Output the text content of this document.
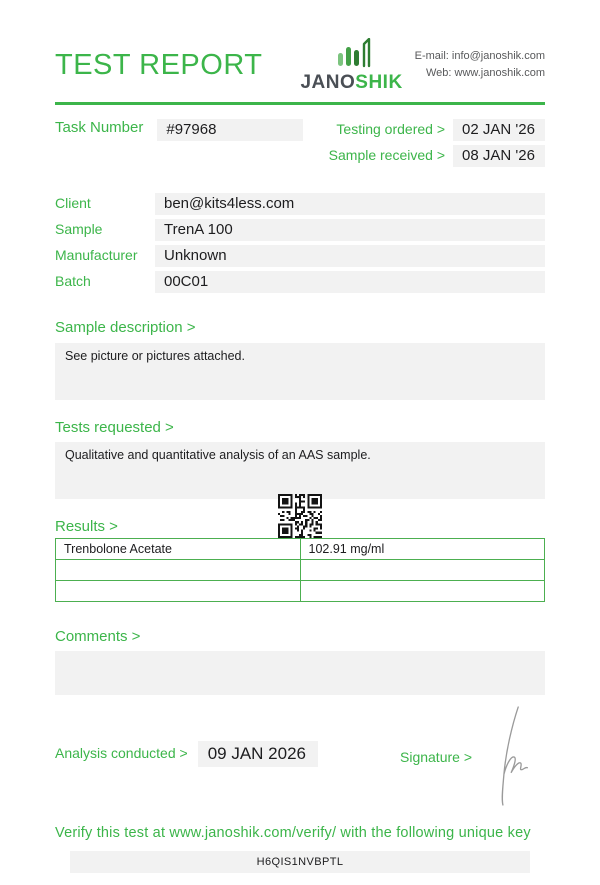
TEST REPORT
JANOSHIK
E-mail: info@janoshik.com
Web: www.janoshik.com
Task Number	#97968	Testing ordered >	02 JAN '26
Sample received >	08 JAN '26
Client	ben@kits4less.com
Sample	TrenA 100
Manufacturer	Unknown
Batch	00C01
Sample description >
See picture or pictures attached.
Tests requested >
Qualitative and quantitative analysis of an AAS sample.
Results >
Trenbolone Acetate	102.91 mg/ml

Comments >
Analysis conducted >	09 JAN 2026	Signature >
Verify this test at www.janoshik.com/verify/ with the following unique key
H6QIS1NVBPTL
